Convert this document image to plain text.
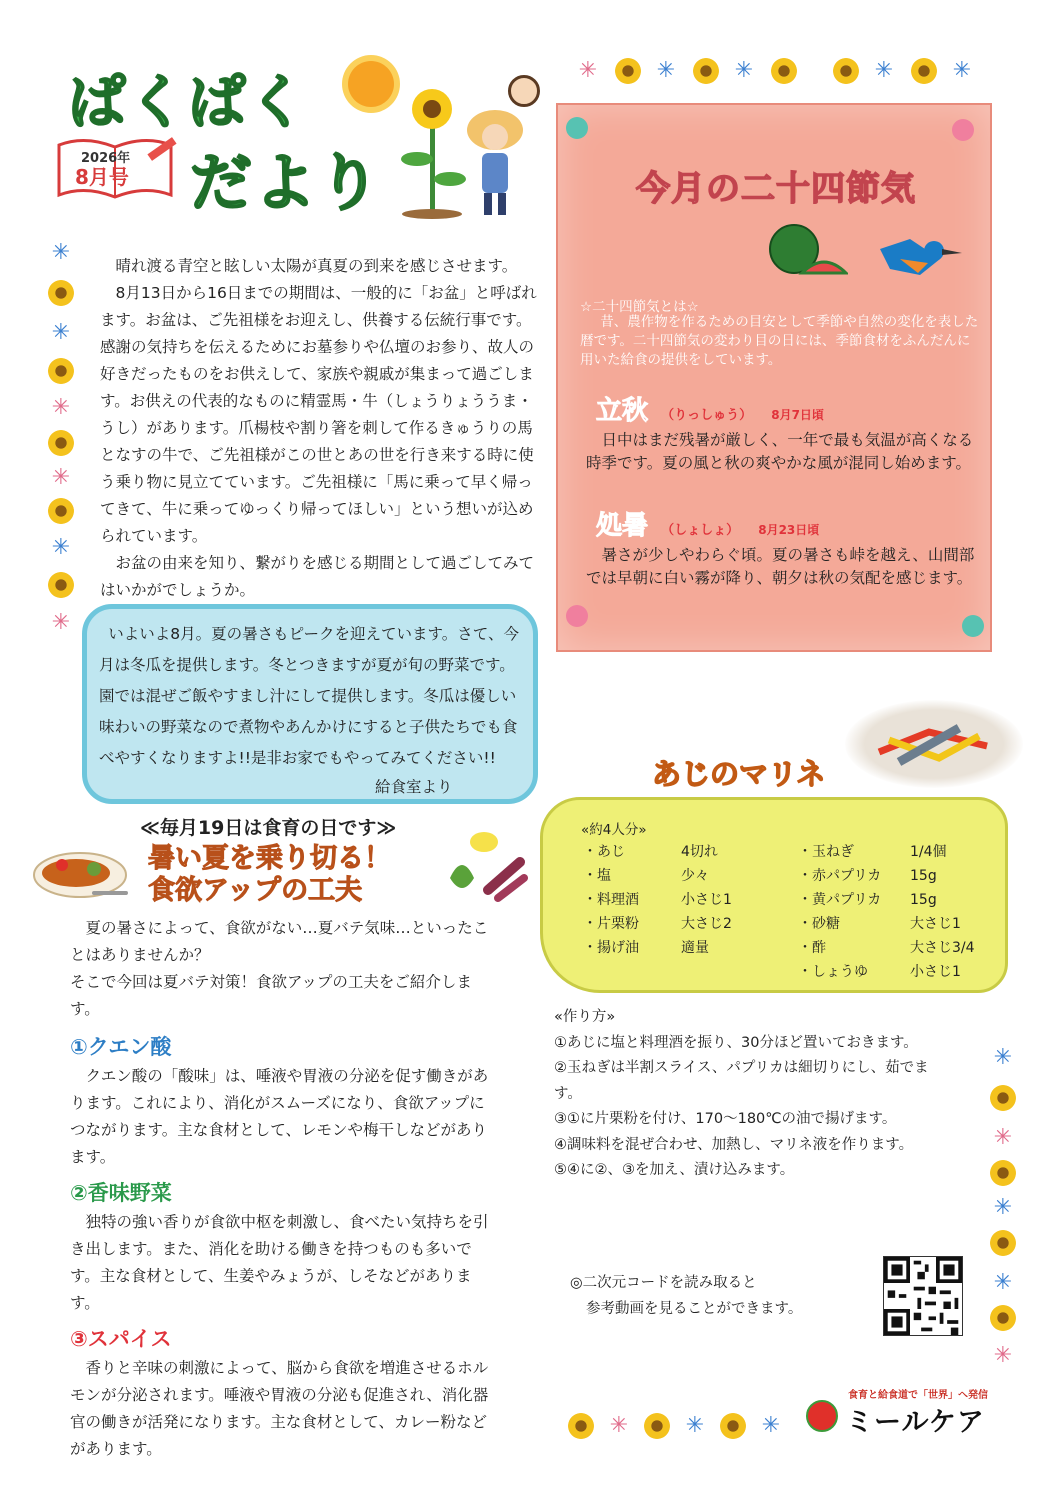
ぱくぱく
だより
2026年
8月号
✳
✳
✳
✳
✳
✳

晴れ渡る青空と眩しい太陽が真夏の到来を感じさせます。

8月13日から16日までの期間は、一般的に「お盆」と呼ばれます。お盆は、ご先祖様をお迎えし、供養する伝統行事です。感謝の気持ちを伝えるためにお墓参りや仏壇のお参り、故人の好きだったものをお供えして、家族や親戚が集まって過ごします。お供えの代表的なものに精霊馬・牛（しょうりょううま・うし）があります。爪楊枝や割り箸を刺して作るきゅうりの馬となすの牛で、ご先祖様がこの世とあの世を行き来する時に使う乗り物に見立てています。ご先祖様に「馬に乗って早く帰ってきて、牛に乗ってゆっくり帰ってほしい」という想いが込められています。

お盆の由来を知り、繋がりを感じる期間として過ごしてみてはいかがでしょうか。

いよいよ8月。夏の暑さもピークを迎えています。さて、今月は冬瓜を提供します。冬とつきますが夏が旬の野菜です。園では混ぜご飯やすまし汁にして提供します。冬瓜は優しい味わいの野菜なので煮物やあんかけにすると子供たちでも食べやすくなりますよ!!是非お家でもやってみてください!!

給食室より
✳	✳	✳	✳	✳
今月の二十四節気
☆二十四節気とは☆
昔、農作物を作るための目安として季節や自然の変化を表した暦です。二十四節気の変わり目の日には、季節食材をふんだんに用いた給食の提供をしています。
立秋 （りっしゅう） 8月7日頃
日中はまだ残暑が厳しく、一年で最も気温が高くなる時季です。夏の風と秋の爽やかな風が混同し始めます。
処暑 （しょしょ） 8月23日頃
暑さが少しやわらぐ頃。夏の暑さも峠を越え、山間部では早朝に白い霧が降り、朝夕は秋の気配を感じます。
あじのマリネ
«約4人分»
・あじ	4切れ
・塩	少々
・料理酒	小さじ1
・片栗粉	大さじ2
・揚げ油	適量
・玉ねぎ	1/4個
・赤パプリカ	15g
・黄パプリカ	15g
・砂糖	大さじ1
・酢	大さじ3/4
・しょうゆ	小さじ1
«作り方»
①あじに塩と料理酒を振り、30分ほど置いておきます。
②玉ねぎは半割スライス、パプリカは細切りにし、茹でます。
③①に片栗粉を付け、170～180℃の油で揚げます。
④調味料を混ぜ合わせ、加熱し、マリネ液を作ります。
⑤④に②、③を加え、漬け込みます。
✳
✳
✳
✳
✳
◎二次元コードを読み取ると
参考動画を見ることができます。
✳	✳	✳
食育と給食道で「世界」へ発信
ミールケア
≪毎月19日は食育の日です≫
暑い夏を乗り切る！
食欲アップの工夫

夏の暑さによって、食欲がない…夏バテ気味…といったことはありませんか？

そこで今回は夏バテ対策！食欲アップの工夫をご紹介します。

①クエン酸

クエン酸の「酸味」は、唾液や胃液の分泌を促す働きがあります。これにより、消化がスムーズになり、食欲アップにつながります。主な食材として、レモンや梅干しなどがあります。

②香味野菜

独特の強い香りが食欲中枢を刺激し、食べたい気持ちを引き出します。また、消化を助ける働きを持つものも多いです。主な食材として、生姜やみょうが、しそなどがあります。

③スパイス

香りと辛味の刺激によって、脳から食欲を増進させるホルモンが分泌されます。唾液や胃液の分泌も促進され、消化器官の働きが活発になります。主な食材として、カレー粉などがあります。
